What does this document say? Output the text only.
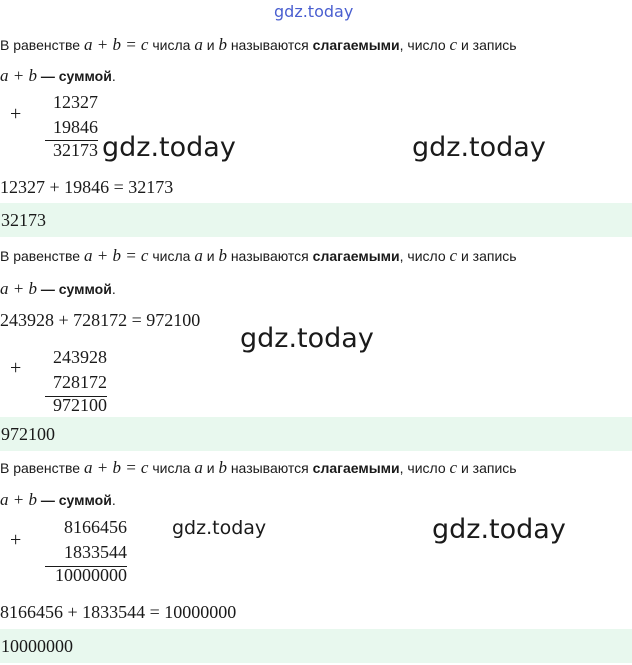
gdz.today
В равенстве a + b = c числа a и b называются слагаемыми, число c и запись
a + b — суммой.
+
12327
19846
32173 gdz.today	gdz.today
12327 + 19846 = 32173
32173
В равенстве a + b = c числа a и b называются слагаемыми, число c и запись
a + b — суммой.
243928 + 728172 = 972100
gdz.today
+	243928
728172
972100
972100
В равенстве a + b = c числа a и b называются слагаемыми, число c и запись
a + b — суммой.
+
8166456
1833544
10000000
gdz.today	gdz.today
8166456 + 1833544 = 10000000
10000000
